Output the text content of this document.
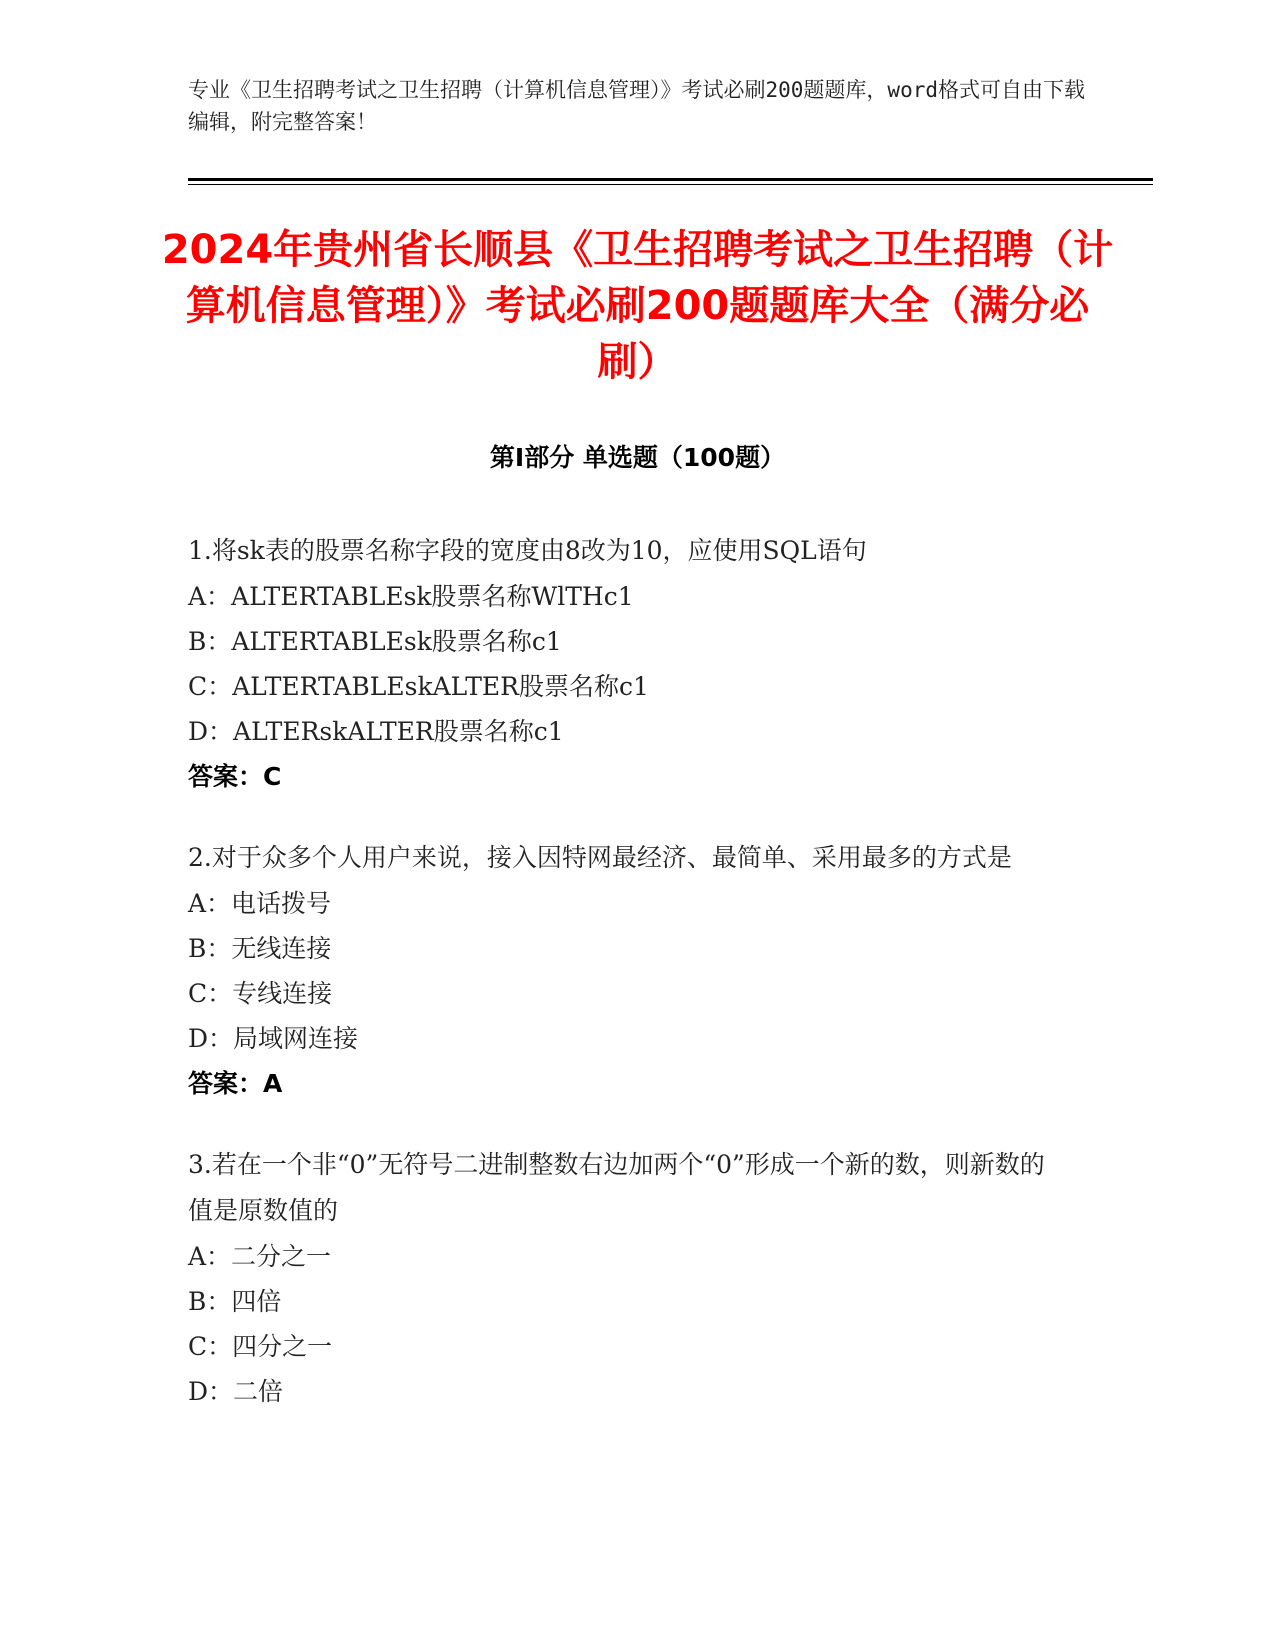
专业《卫生招聘考试之卫生招聘（计算机信息管理）》考试必刷200题题库，word格式可自由下载编辑，附完整答案！
2024年贵州省长顺县《卫生招聘考试之卫生招聘（计算机信息管理）》考试必刷200题题库大全（满分必刷）
第Ⅰ部分 单选题（100题）
1.将sk表的股票名称字段的宽度由8改为10，应使用SQL语句
A：ALTERTABLEsk股票名称WlTHc1
B：ALTERTABLEsk股票名称c1
C：ALTERTABLEskALTER股票名称c1
D：ALTERskALTER股票名称c1
答案：C
2.对于众多个人用户来说，接入因特网最经济、最简单、采用最多的方式是
A：电话拨号
B：无线连接
C：专线连接
D：局域网连接
答案：A
3.若在一个非“0”无符号二进制整数右边加两个“0”形成一个新的数，则新数的值是原数值的
A：二分之一
B：四倍
C：四分之一
D：二倍
